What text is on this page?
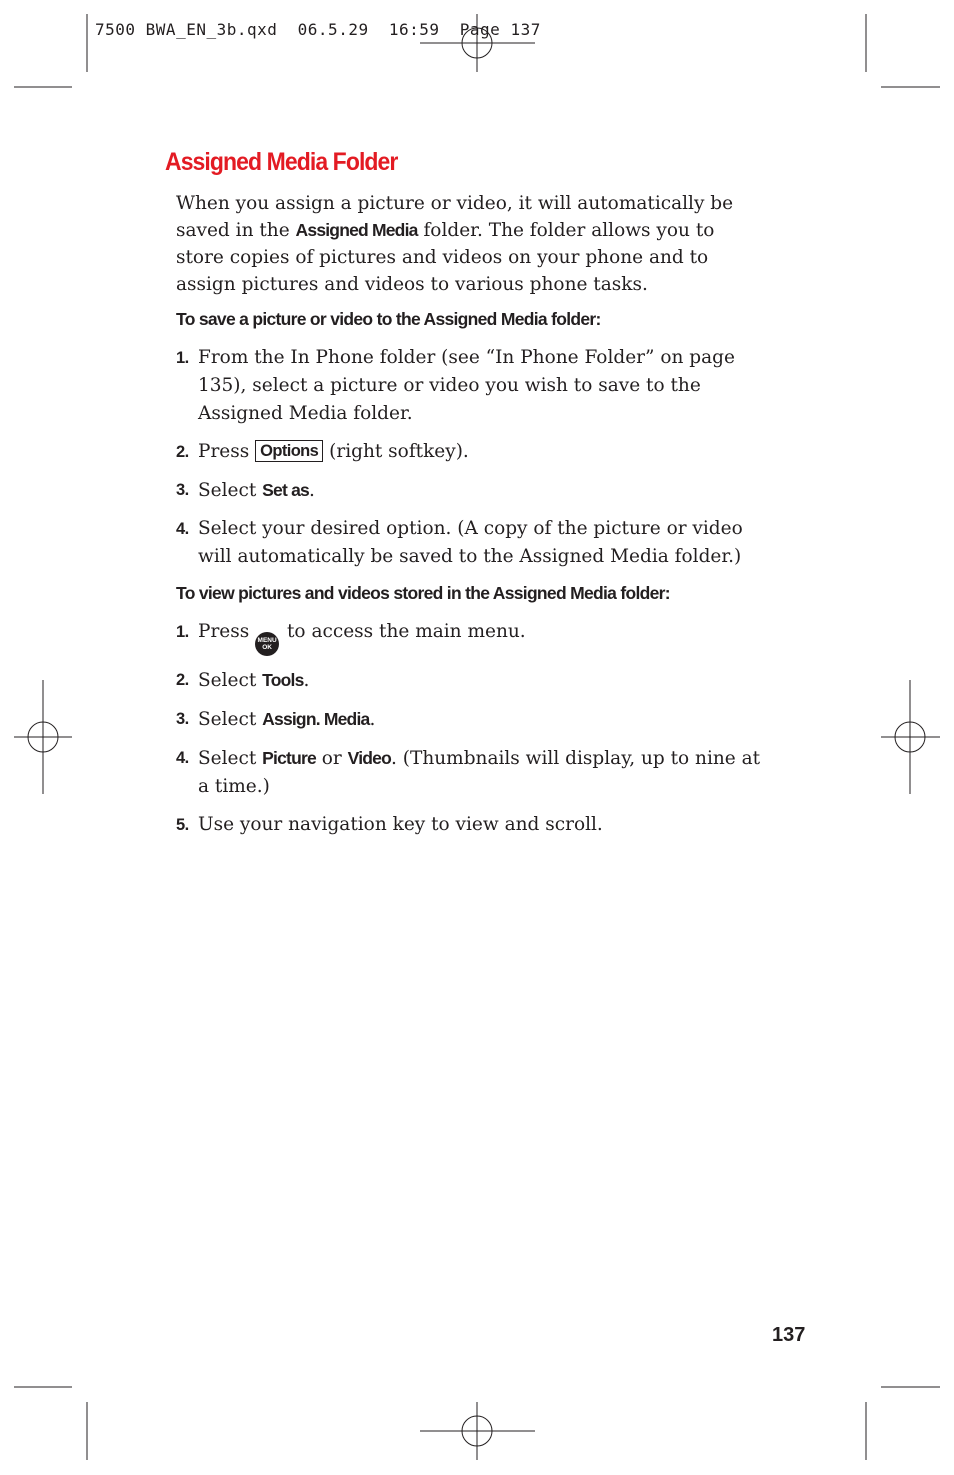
7500 BWA_EN_3b.qxd  06.5.29  16:59  Page 137
Assigned Media Folder

When you assign a picture or video, it will automatically be saved in the Assigned Media folder. The folder allows you to store copies of pictures and videos on your phone and to assign pictures and videos to various phone tasks.

To save a picture or video to the Assigned Media folder:
1. From the In Phone folder (see “In Phone Folder” on page 135), select a picture or video you wish to save to the Assigned Media folder.
2. Press Options (right softkey).
3. Select Set as.
4. Select your desired option. (A copy of the picture or video will automatically be saved to the Assigned Media folder.)
To view pictures and videos stored in the Assigned Media folder:
1. Press MENU
OK
to access the main menu.
2. Select Tools.
3. Select Assign. Media.
4. Select Picture or Video. (Thumbnails will display, up to nine at a time.)
5. Use your navigation key to view and scroll.

137
